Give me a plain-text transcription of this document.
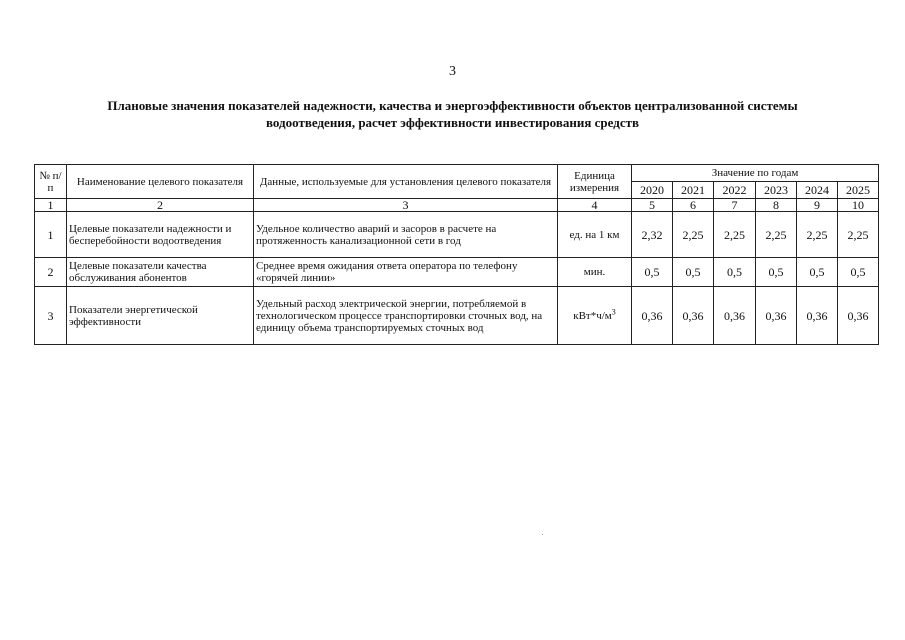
3
Плановые значения показателей надежности, качества и энергоэффективности объектов централизованной системы
водоотведения, расчет эффективности инвестирования средств
№ п/п	Наименование целевого показателя	Данные, используемые для установления целевого показателя	Единица измерения	Значение по годам					
				2020	2021	2022	2023	2024	2025
1	2	3	4	5	6	7	8	9	10
1	Целевые показатели надежности и бесперебойности водоотведения	Удельное количество аварий и засоров в расчете на протяженность канализационной сети в год	ед. на 1 км	2,32	2,25	2,25	2,25	2,25	2,25
2	Целевые показатели качества обслуживания абонентов	Среднее время ожидания ответа оператора по телефону «горячей линии»	мин.	0,5	0,5	0,5	0,5	0,5	0,5
3	Показатели энергетической эффективности	Удельный расход электрической энергии, потребляемой в технологическом процессе транспортировки сточных вод, на единицу объема транспортируемых сточных вод	$кВт*ч/м^3$	0,36	0,36	0,36	0,36	0,36	0,36
